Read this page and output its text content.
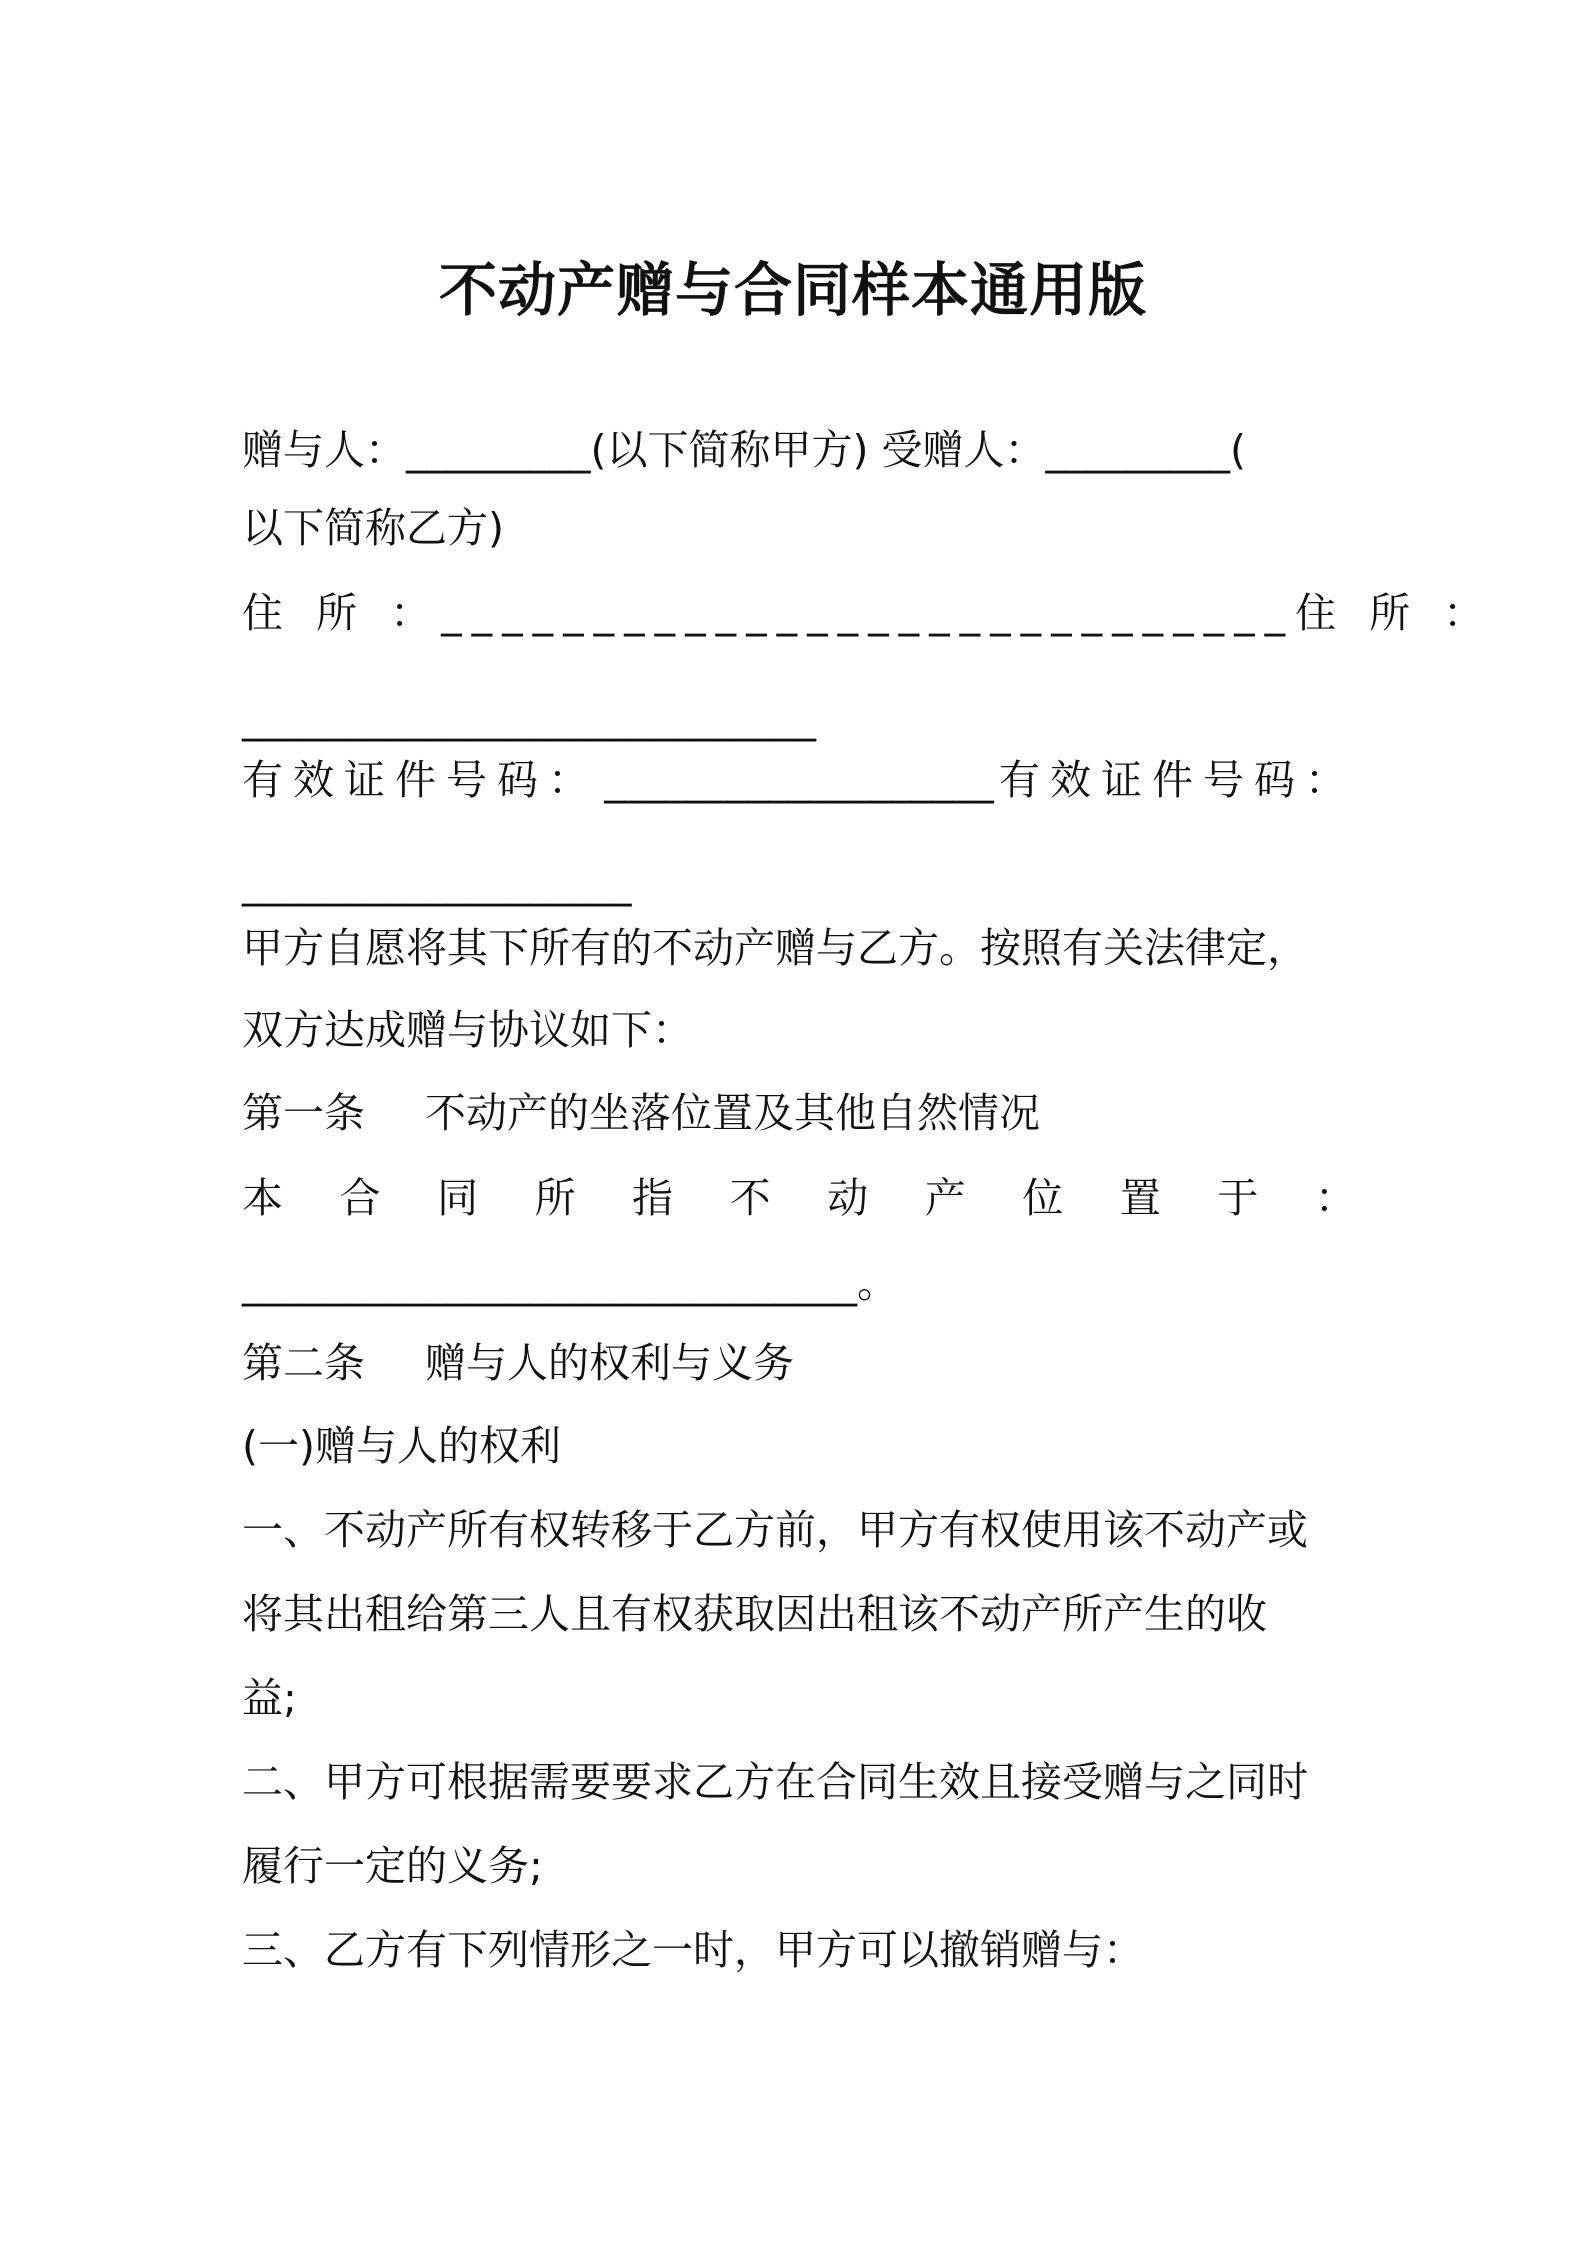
不动产赠与合同样本通用版
赠与人：_________(以下简称甲方) 受赠人：_________(
以下简称乙方)
住 所 ： ____________________________ 住 所 ：
____________________________
有效证件号码： ___________________ 有效证件号码：
___________________
甲方自愿将其下所有的不动产赠与乙方。按照有关法律定，
双方达成赠与协议如下：
第一条 不动产的坐落位置及其他自然情况
本 合 同 所 指 不 动 产 位 置 于 ：
______________________________。
第二条 赠与人的权利与义务
(一)赠与人的权利
一、不动产所有权转移于乙方前，甲方有权使用该不动产或
将其出租给第三人且有权获取因出租该不动产所产生的收
益;
二、甲方可根据需要要求乙方在合同生效且接受赠与之同时
履行一定的义务;
三、乙方有下列情形之一时，甲方可以撤销赠与：
